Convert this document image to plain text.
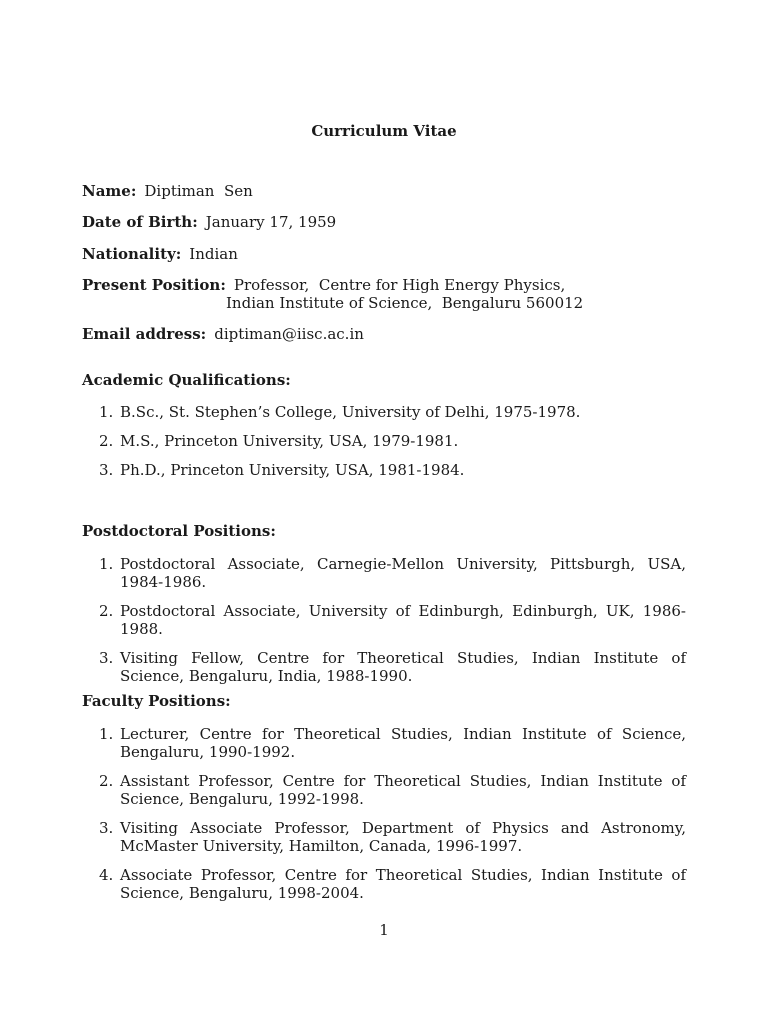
Curriculum Vitae
Name: Diptiman  Sen
Date of Birth: January 17, 1959
Nationality: Indian
Present Position: Professor,  Centre for High Energy Physics,
Indian Institute of Science,  Bengaluru 560012
Email address: diptiman@iisc.ac.in
Academic Qualifications:
1. B.Sc., St. Stephen’s College, University of Delhi, 1975-1978.
2. M.S., Princeton University, USA, 1979-1981.
3. Ph.D., Princeton University, USA, 1981-1984.
Postdoctoral Positions:
1. Postdoctoral Associate, Carnegie-Mellon University, Pittsburgh, USA, 1984-1986.
2. Postdoctoral Associate, University of Edinburgh, Edinburgh, UK, 1986-1988.
3. Visiting Fellow, Centre for Theoretical Studies, Indian Institute of Science, Bengaluru, India, 1988-1990.
Faculty Positions:
1. Lecturer, Centre for Theoretical Studies, Indian Institute of Science, Bengaluru, 1990-1992.
2. Assistant Professor, Centre for Theoretical Studies, Indian Institute of Science, Bengaluru, 1992-1998.
3. Visiting Associate Professor, Department of Physics and Astronomy, McMaster University, Hamilton, Canada, 1996-1997.
4. Associate Professor, Centre for Theoretical Studies, Indian Institute of Science, Bengaluru, 1998-2004.
1
